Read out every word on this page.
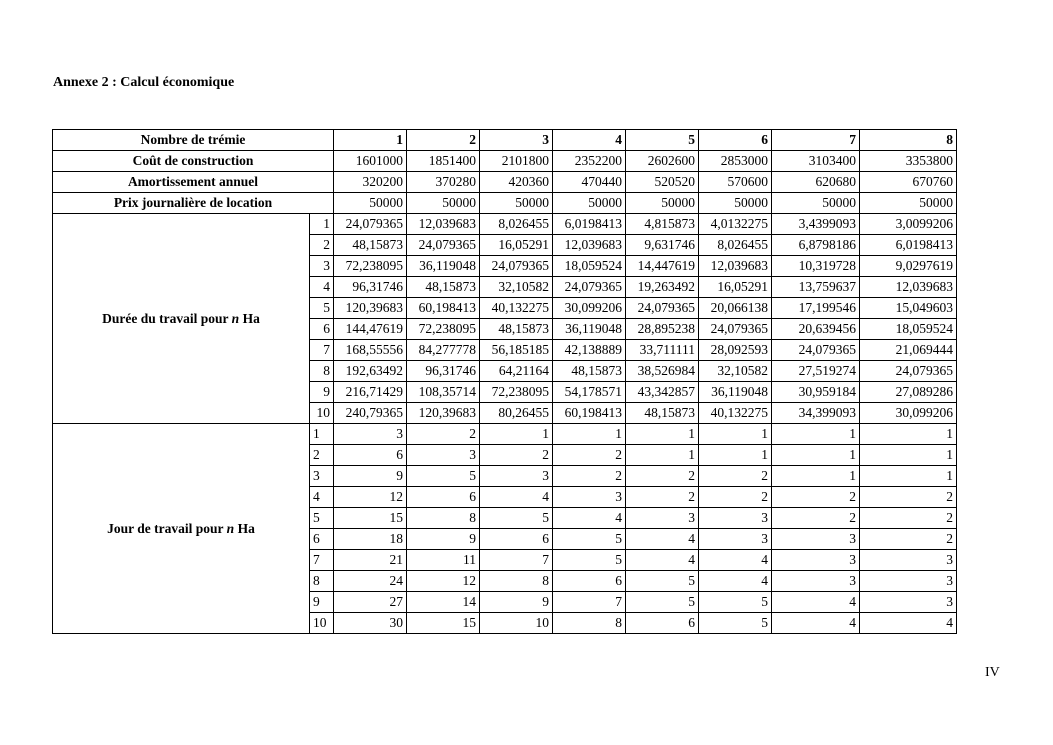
Annexe 2 : Calcul économique

Nombre de trémie		1	2	3	4	5	6	7	8
Coût de construction		1601000	1851400	2101800	2352200	2602600	2853000	3103400	3353800
Amortissement annuel		320200	370280	420360	470440	520520	570600	620680	670760
Prix journalière de location		50000	50000	50000	50000	50000	50000	50000	50000
Durée du travail pour n Ha	1	24,079365	12,039683	8,026455	6,0198413	4,815873	4,0132275	3,4399093	3,0099206
	2	48,15873	24,079365	16,05291	12,039683	9,631746	8,026455	6,8798186	6,0198413
	3	72,238095	36,119048	24,079365	18,059524	14,447619	12,039683	10,319728	9,0297619
	4	96,31746	48,15873	32,10582	24,079365	19,263492	16,05291	13,759637	12,039683
	5	120,39683	60,198413	40,132275	30,099206	24,079365	20,066138	17,199546	15,049603
	6	144,47619	72,238095	48,15873	36,119048	28,895238	24,079365	20,639456	18,059524
	7	168,55556	84,277778	56,185185	42,138889	33,711111	28,092593	24,079365	21,069444
	8	192,63492	96,31746	64,21164	48,15873	38,526984	32,10582	27,519274	24,079365
	9	216,71429	108,35714	72,238095	54,178571	43,342857	36,119048	30,959184	27,089286
	10	240,79365	120,39683	80,26455	60,198413	48,15873	40,132275	34,399093	30,099206
Jour de travail pour n Ha	1	3	2	1	1	1	1	1	1
	2	6	3	2	2	1	1	1	1
	3	9	5	3	2	2	2	1	1
	4	12	6	4	3	2	2	2	2
	5	15	8	5	4	3	3	2	2
	6	18	9	6	5	4	3	3	2
	7	21	11	7	5	4	4	3	3
	8	24	12	8	6	5	4	3	3
	9	27	14	9	7	5	5	4	3
	10	30	15	10	8	6	5	4	4
IV
